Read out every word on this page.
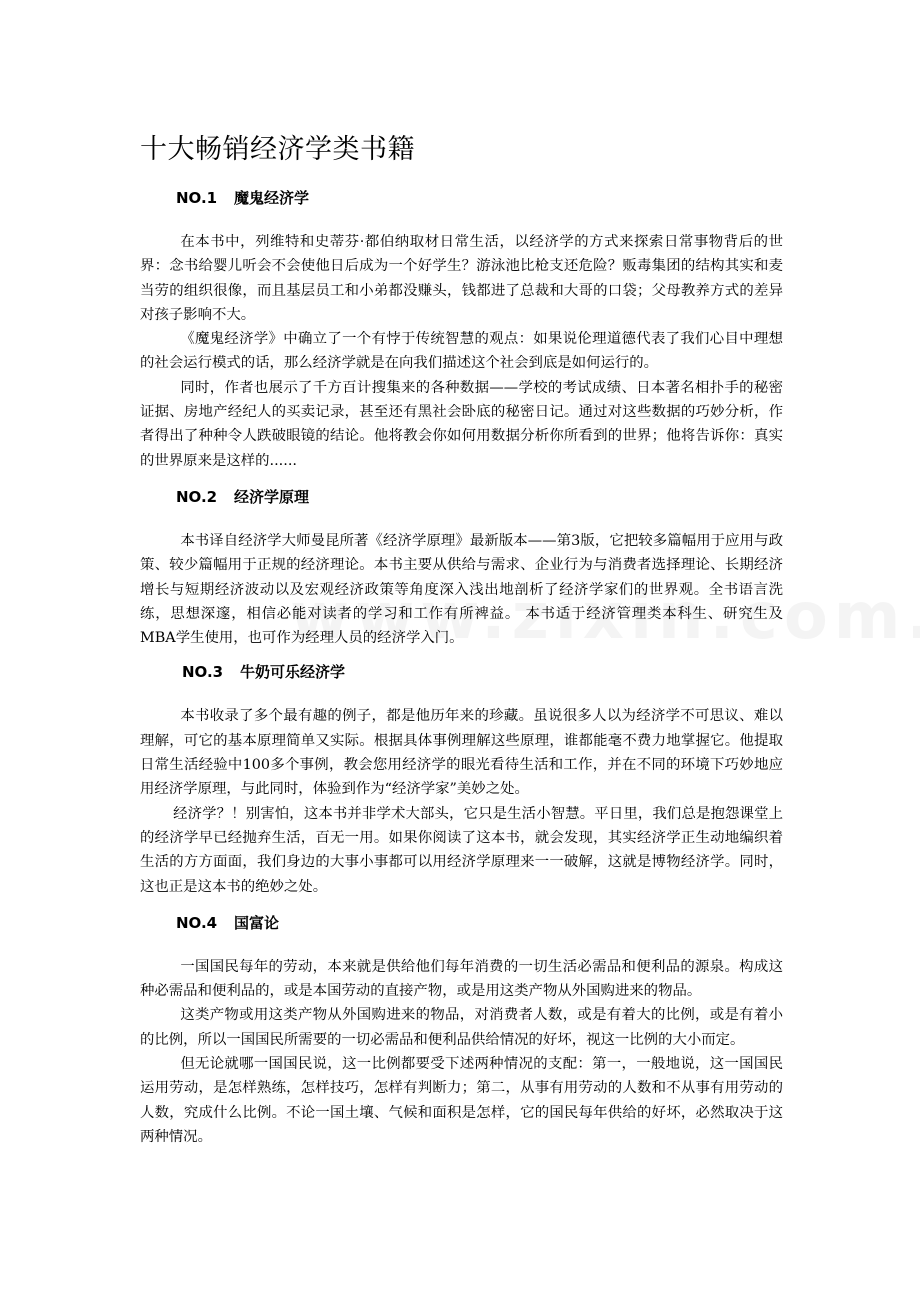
十大畅销经济学类书籍
NO.1 魔鬼经济学

在本书中，列维特和史蒂芬·都伯纳取材日常生活，以经济学的方式来探索日常事物背后的世界：念书给婴儿听会不会使他日后成为一个好学生？游泳池比枪支还危险？贩毒集团的结构其实和麦当劳的组织很像，而且基层员工和小弟都没赚头，钱都进了总裁和大哥的口袋；父母教养方式的差异对孩子影响不大。

《魔鬼经济学》中确立了一个有悖于传统智慧的观点：如果说伦理道德代表了我们心目中理想的社会运行模式的话，那么经济学就是在向我们描述这个社会到底是如何运行的。

同时，作者也展示了千方百计搜集来的各种数据——学校的考试成绩、日本著名相扑手的秘密证据、房地产经纪人的买卖记录，甚至还有黑社会卧底的秘密日记。通过对这些数据的巧妙分析，作者得出了种种令人跌破眼镜的结论。他将教会你如何用数据分析你所看到的世界；他将告诉你：真实的世界原来是这样的......

NO.2 经济学原理

本书译自经济学大师曼昆所著《经济学原理》最新版本——第3版，它把较多篇幅用于应用与政策、较少篇幅用于正规的经济理论。本书主要从供给与需求、企业行为与消费者选择理论、长期经济增长与短期经济波动以及宏观经济政策等角度深入浅出地剖析了经济学家们的世界观。全书语言洗练，思想深邃，相信必能对读者的学习和工作有所裨益。 本书适于经济管理类本科生、研究生及MBA学生使用，也可作为经理人员的经济学入门。

NO.3 牛奶可乐经济学

本书收录了多个最有趣的例子，都是他历年来的珍藏。虽说很多人以为经济学不可思议、难以理解，可它的基本原理简单又实际。根据具体事例理解这些原理，谁都能毫不费力地掌握它。他提取日常生活经验中100多个事例，教会您用经济学的眼光看待生活和工作，并在不同的环境下巧妙地应用经济学原理，与此同时，体验到作为“经济学家”美妙之处。

经济学？！别害怕，这本书并非学术大部头，它只是生活小智慧。平日里，我们总是抱怨课堂上的经济学早已经抛弃生活，百无一用。如果你阅读了这本书，就会发现，其实经济学正生动地编织着生活的方方面面，我们身边的大事小事都可以用经济学原理来一一破解，这就是博物经济学。同时，这也正是这本书的绝妙之处。

NO.4 国富论

一国国民每年的劳动，本来就是供给他们每年消费的一切生活必需品和便利品的源泉。构成这种必需品和便利品的，或是本国劳动的直接产物，或是用这类产物从外国购进来的物品。

这类产物或用这类产物从外国购进来的物品，对消费者人数，或是有着大的比例，或是有着小的比例，所以一国国民所需要的一切必需品和便利品供给情况的好坏，视这一比例的大小而定。

但无论就哪一国国民说，这一比例都要受下述两种情况的支配：第一，一般地说，这一国国民运用劳动，是怎样熟练，怎样技巧，怎样有判断力；第二，从事有用劳动的人数和不从事有用劳动的人数，究成什么比例。不论一国土壤、气候和面积是怎样，它的国民每年供给的好坏，必然取决于这两种情况。
